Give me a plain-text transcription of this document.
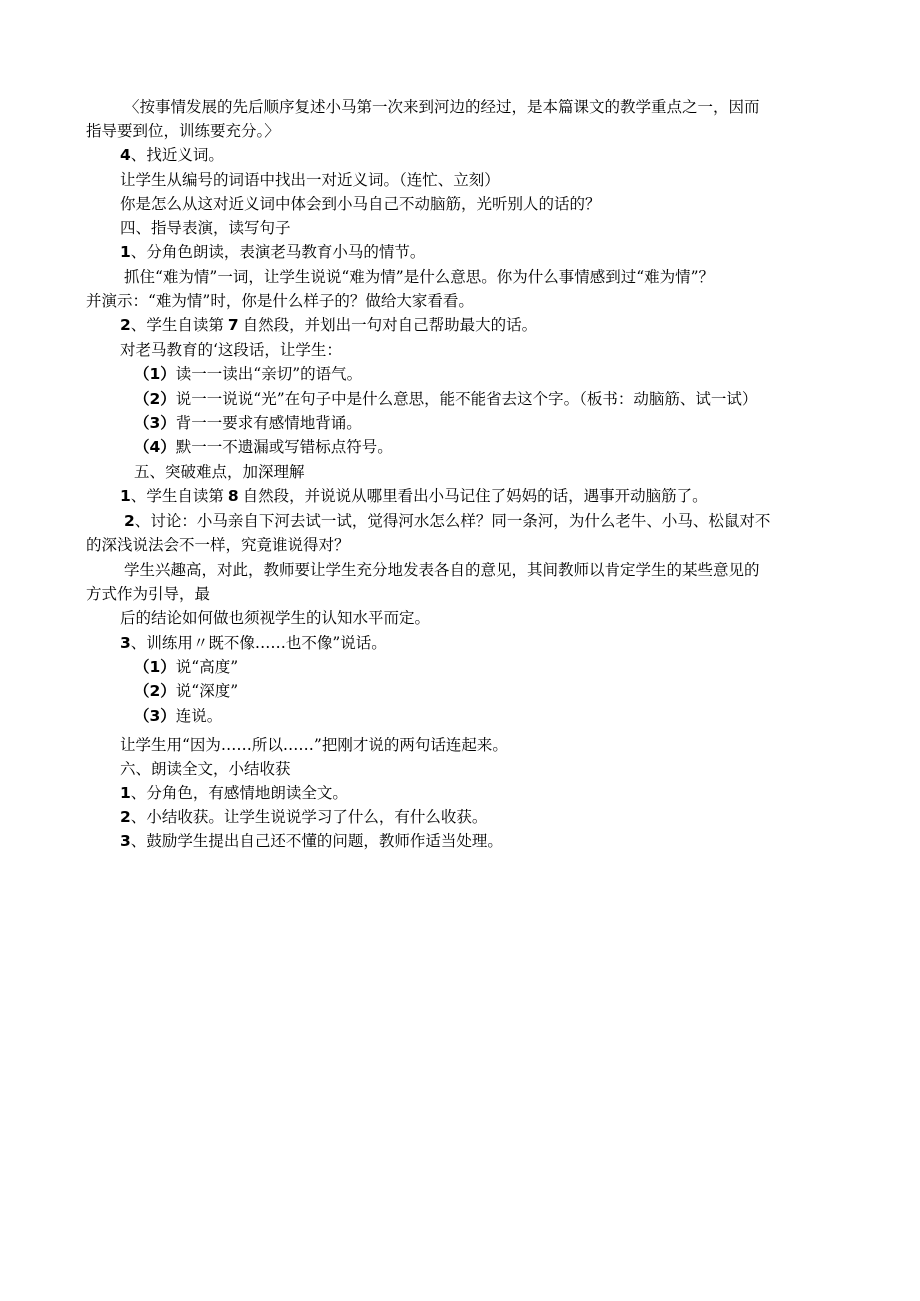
〈按事情发展的先后顺序复述小马第一次来到河边的经过，是本篇课文的教学重点之一，因而
指导要到位，训练要充分。〉
4、找近义词。
让学生从编号的词语中找出一对近义词。（连忙、立刻）
你是怎么从这对近义词中体会到小马自己不动脑筋，光听别人的话的？
四、指导表演，读写句子
1、分角色朗读，表演老马教育小马的情节。
抓住“难为情”一词，让学生说说“难为情”是什么意思。你为什么事情感到过“难为情”？
并演示：“难为情”时，你是什么样子的？做给大家看看。
2、学生自读第 7 自然段，并划出一句对自己帮助最大的话。
对老马教育的‘这段话，让学生：
（1）读一一读出“亲切”的语气。
（2）说一一说说“光”在句子中是什么意思，能不能省去这个字。（板书：动脑筋、试一试）
（3）背一一要求有感情地背诵。
（4）默一一不遗漏或写错标点符号。
五、突破难点，加深理解
1、学生自读第 8 自然段，并说说从哪里看出小马记住了妈妈的话，遇事开动脑筋了。
2、讨论：小马亲自下河去试一试，觉得河水怎么样？同一条河，为什么老牛、小马、松鼠对不
的深浅说法会不一样，究竟谁说得对？
学生兴趣高，对此，教师要让学生充分地发表各自的意见，其间教师以肯定学生的某些意见的
方式作为引导，最
后的结论如何做也须视学生的认知水平而定。
3、训练用〃既不像……也不像”说话。
（1）说“高度”
（2）说“深度”
（3）连说。
让学生用“因为……所以……”把刚才说的两句话连起来。
六、朗读全文，小结收获
1、分角色，有感情地朗读全文。
2、小结收获。让学生说说学习了什么，有什么收获。
3、鼓励学生提出自己还不懂的问题，教师作适当处理。
